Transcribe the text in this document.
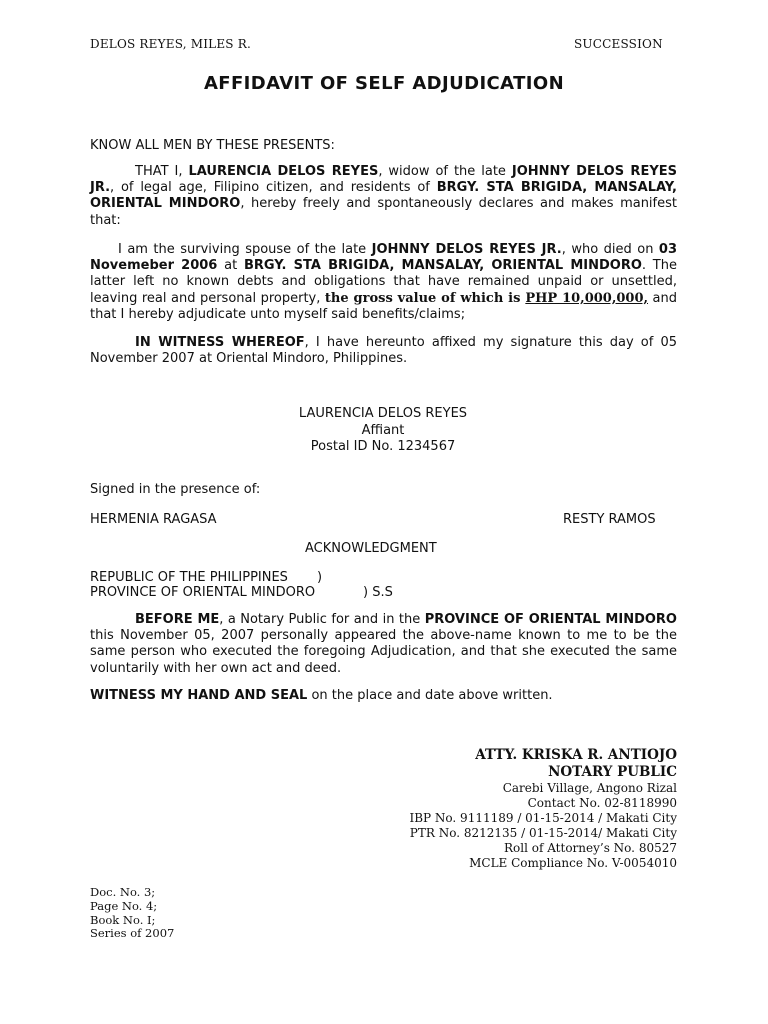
DELOS REYES, MILES R.	SUCCESSION
AFFIDAVIT OF SELF ADJUDICATION
KNOW ALL MEN BY THESE PRESENTS:
THAT I, LAURENCIA DELOS REYES, widow of the late JOHNNY DELOS REYES JR., of legal age, Filipino citizen, and residents of BRGY. STA BRIGIDA, MANSALAY, ORIENTAL MINDORO, hereby freely and spontaneously declares and makes manifest that:
I am the surviving spouse of the late JOHNNY DELOS REYES JR., who died on 03 Novemeber 2006 at BRGY. STA BRIGIDA, MANSALAY, ORIENTAL MINDORO. The latter left no known debts and obligations that have remained unpaid or unsettled, leaving real and personal property, the gross value of which is PHP 10,000,000, and that I hereby adjudicate unto myself said benefits/claims;
IN WITNESS WHEREOF, I have hereunto affixed my signature this day of 05 November 2007 at Oriental Mindoro, Philippines.
LAURENCIA DELOS REYES
Affiant
Postal ID No. 1234567
Signed in the presence of:
HERMENIA RAGASA	RESTY RAMOS
ACKNOWLEDGMENT
REPUBLIC OF THE PHILIPPINES )
PROVINCE OF ORIENTAL MINDORO	) S.S
BEFORE ME, a Notary Public for and in the PROVINCE OF ORIENTAL MINDORO this November 05, 2007 personally appeared the above-name known to me to be the same person who executed the foregoing Adjudication, and that she executed the same voluntarily with her own act and deed.
WITNESS MY HAND AND SEAL on the place and date above written.
ATTY. KRISKA R. ANTIOJO
NOTARY PUBLIC
Carebi Village, Angono Rizal
Contact No. 02-8118990
IBP No. 9111189 / 01-15-2014 / Makati City
PTR No. 8212135 / 01-15-2014/ Makati City
Roll of Attorney’s No. 80527
MCLE Compliance No. V-0054010
Doc. No. 3;
Page No. 4;
Book No. I;
Series of 2007
